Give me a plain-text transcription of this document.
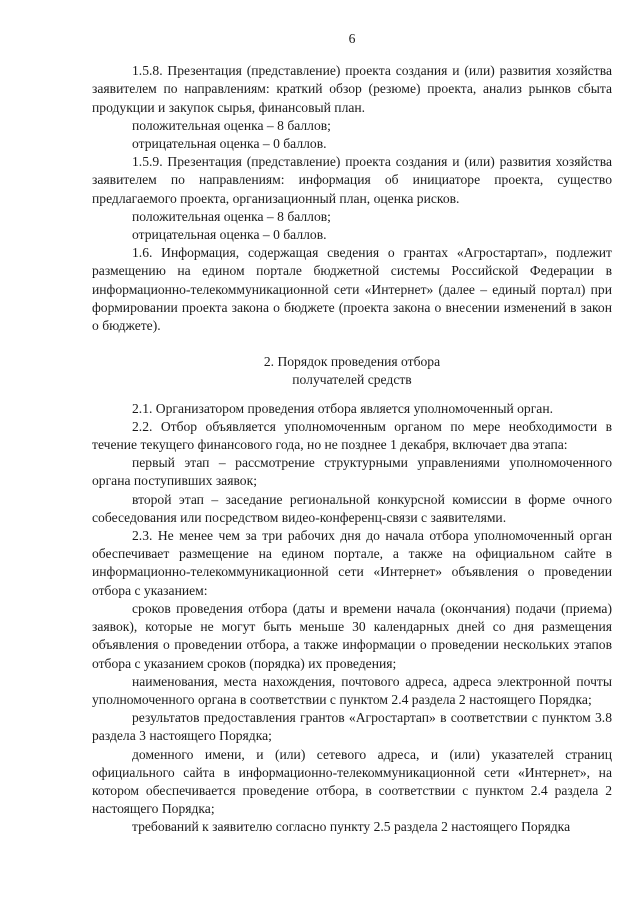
6

1.5.8. Презентация (представление) проекта создания и (или) развития хозяйства заявителем по направлениям: краткий обзор (резюме) проекта, анализ рынков сбыта продукции и закупок сырья, финансовый план.

положительная оценка – 8 баллов;

отрицательная оценка – 0 баллов.

1.5.9. Презентация (представление) проекта создания и (или) развития хозяйства заявителем по направлениям: информация об инициаторе проекта, существо предлагаемого проекта, организационный план, оценка рисков.

положительная оценка – 8 баллов;

отрицательная оценка – 0 баллов.

1.6. Информация, содержащая сведения о грантах «Агростартап», подлежит размещению на едином портале бюджетной системы Российской Федерации в информационно-телекоммуникационной сети «Интернет» (далее – единый портал) при формировании проекта закона о бюджете (проекта закона о внесении изменений в закон о бюджете).

2. Порядок проведения отбора

получателей средств

2.1. Организатором проведения отбора является уполномоченный орган.

2.2. Отбор объявляется уполномоченным органом по мере необходимости в течение текущего финансового года, но не позднее 1 декабря, включает два этапа:

первый этап – рассмотрение структурными управлениями уполномоченного органа поступивших заявок;

второй этап – заседание региональной конкурсной комиссии в форме очного собеседования или посредством видео-конференц-связи с заявителями.

2.3. Не менее чем за три рабочих дня до начала отбора уполномоченный орган обеспечивает размещение на едином портале, а также на официальном сайте в информационно-телекоммуникационной сети «Интернет» объявления о проведении отбора с указанием:

сроков проведения отбора (даты и времени начала (окончания) подачи (приема) заявок), которые не могут быть меньше 30 календарных дней со дня размещения объявления о проведении отбора, а также информации о проведении нескольких этапов отбора с указанием сроков (порядка) их проведения;

наименования, места нахождения, почтового адреса, адреса электронной почты уполномоченного органа в соответствии с пунктом 2.4 раздела 2 настоящего Порядка;

результатов предоставления грантов «Агростартап» в соответствии с пунктом 3.8 раздела 3 настоящего Порядка;

доменного имени, и (или) сетевого адреса, и (или) указателей страниц официального сайта в информационно-телекоммуникационной сети «Интернет», на котором обеспечивается проведение отбора, в соответствии с пунктом 2.4 раздела 2 настоящего Порядка;

требований к заявителю согласно пункту 2.5 раздела 2 настоящего Порядка
